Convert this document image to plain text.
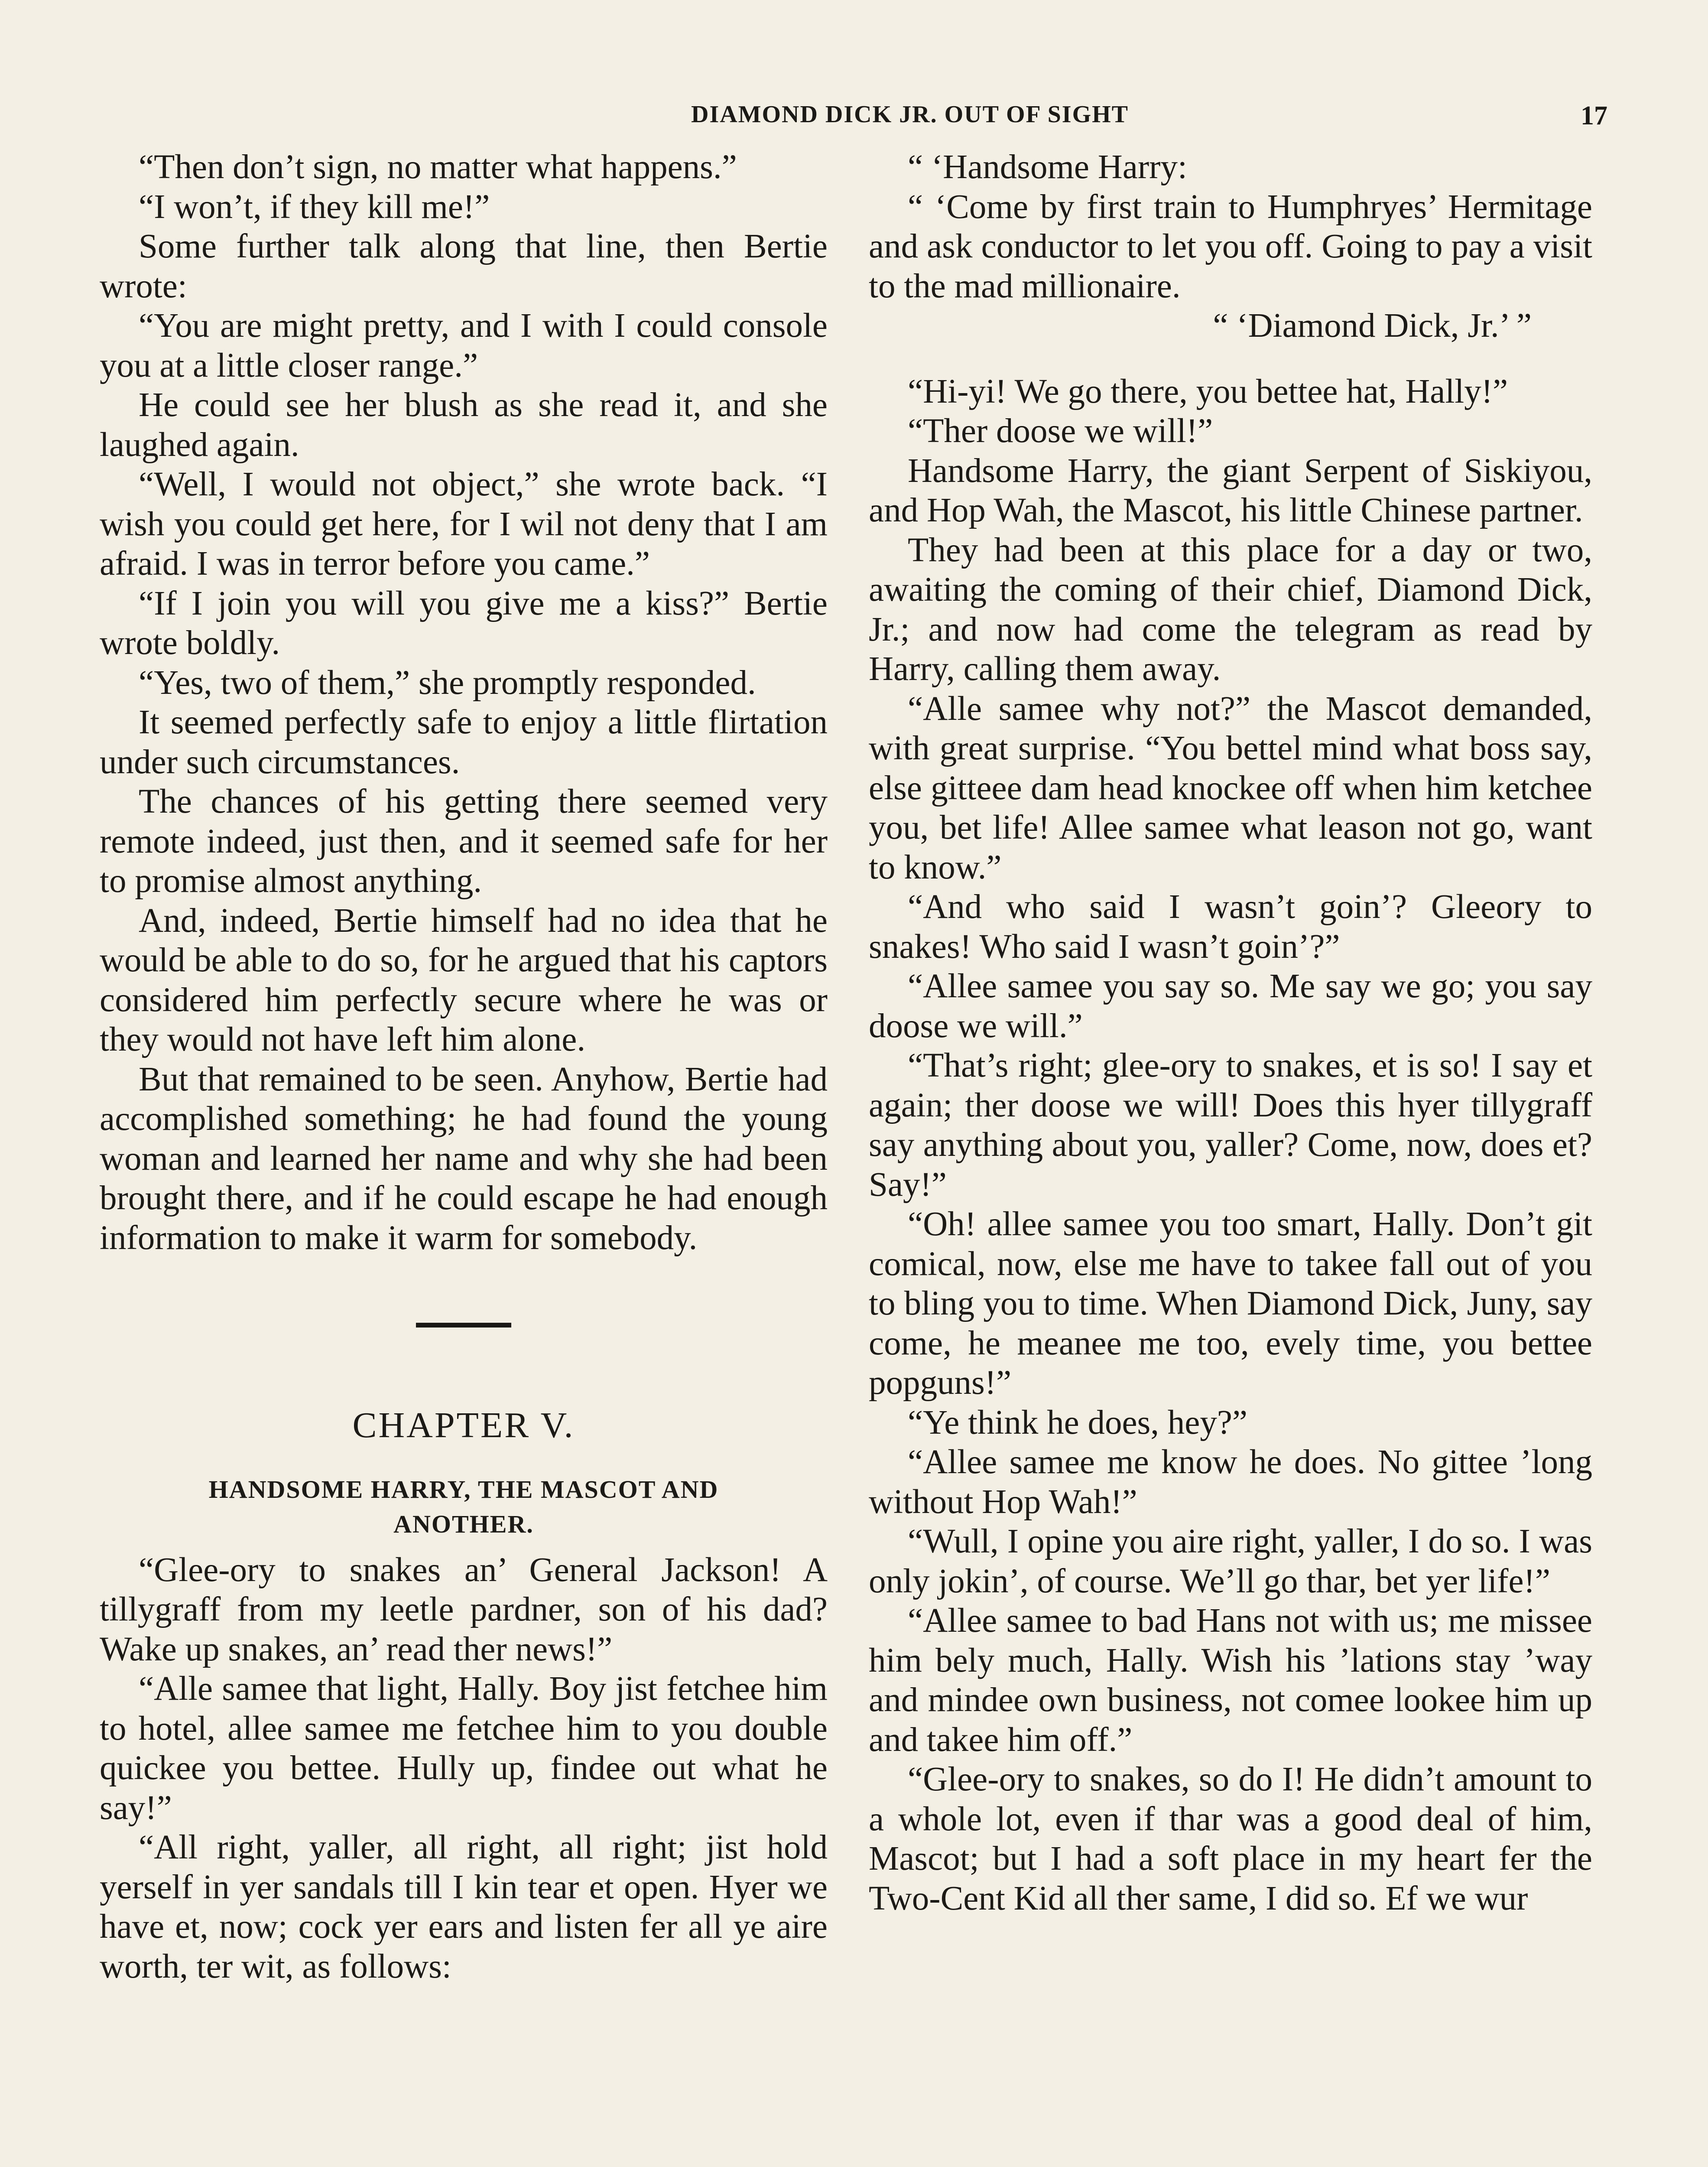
DIAMOND DICK JR. OUT OF SIGHT	17

“Then don’t sign, no matter what happens.”

“I won’t, if they kill me!”

Some further talk along that line, then Bertie wrote:

“You are might pretty, and I with I could console you at a little closer range.”

He could see her blush as she read it, and she laughed again.

“Well, I would not object,” she wrote back. “I wish you could get here, for I wil not deny that I am afraid. I was in terror before you came.”

“If I join you will you give me a kiss?” Bertie wrote boldly.

“Yes, two of them,” she promptly responded.

It seemed perfectly safe to enjoy a little flirtation under such circumstances.

The chances of his getting there seemed very remote indeed, just then, and it seemed safe for her to promise almost anything.

And, indeed, Bertie himself had no idea that he would be able to do so, for he argued that his captors considered him perfectly secure where he was or they would not have left him alone.

But that remained to be seen. Anyhow, Bertie had accomplished something; he had found the young woman and learned her name and why she had been brought there, and if he could escape he had enough information to make it warm for somebody.

CHAPTER V.
HANDSOME HARRY, THE MASCOT AND
ANOTHER.

“Glee-ory to snakes an’ General Jackson! A tillygraff from my leetle pardner, son of his dad? Wake up snakes, an’ read ther news!”

“Alle samee that light, Hally. Boy jist fetchee him to hotel, allee samee me fetchee him to you double quickee you bettee. Hully up, findee out what he say!”

“All right, yaller, all right, all right; jist hold yerself in yer sandals till I kin tear et open. Hyer we have et, now; cock yer ears and listen fer all ye aire worth, ter wit, as follows:

“ ‘Handsome Harry:

“ ‘Come by first train to Humphryes’ Hermitage and ask conductor to let you off. Going to pay a visit to the mad millionaire.

“ ‘Diamond Dick, Jr.’ ”

“Hi-yi! We go there, you bettee hat, Hally!”

“Ther doose we will!”

Handsome Harry, the giant Serpent of Siskiyou, and Hop Wah, the Mascot, his little Chinese partner.

They had been at this place for a day or two, awaiting the coming of their chief, Diamond Dick, Jr.; and now had come the telegram as read by Harry, calling them away.

“Alle samee why not?” the Mascot demanded, with great surprise. “You bettel mind what boss say, else gitteee dam head knockee off when him ketchee you, bet life! Allee samee what leason not go, want to know.”

“And who said I wasn’t goin’? Gleeory to snakes! Who said I wasn’t goin’?”

“Allee samee you say so. Me say we go; you say doose we will.”

“That’s right; glee-ory to snakes, et is so! I say et again; ther doose we will! Does this hyer tillygraff say anything about you, yaller? Come, now, does et? Say!”

“Oh! allee samee you too smart, Hally. Don’t git comical, now, else me have to takee fall out of you to bling you to time. When Diamond Dick, Juny, say come, he meanee me too, evely time, you bettee popguns!”

“Ye think he does, hey?”

“Allee samee me know he does. No gittee ’long without Hop Wah!”

“Wull, I opine you aire right, yaller, I do so. I was only jokin’, of course. We’ll go thar, bet yer life!”

“Allee samee to bad Hans not with us; me missee him bely much, Hally. Wish his ’lations stay ’way and mindee own business, not comee lookee him up and takee him off.”

“Glee-ory to snakes, so do I! He didn’t amount to a whole lot, even if thar was a good deal of him, Mascot; but I had a soft place in my heart fer the Two-Cent Kid all ther same, I did so. Ef we wur
